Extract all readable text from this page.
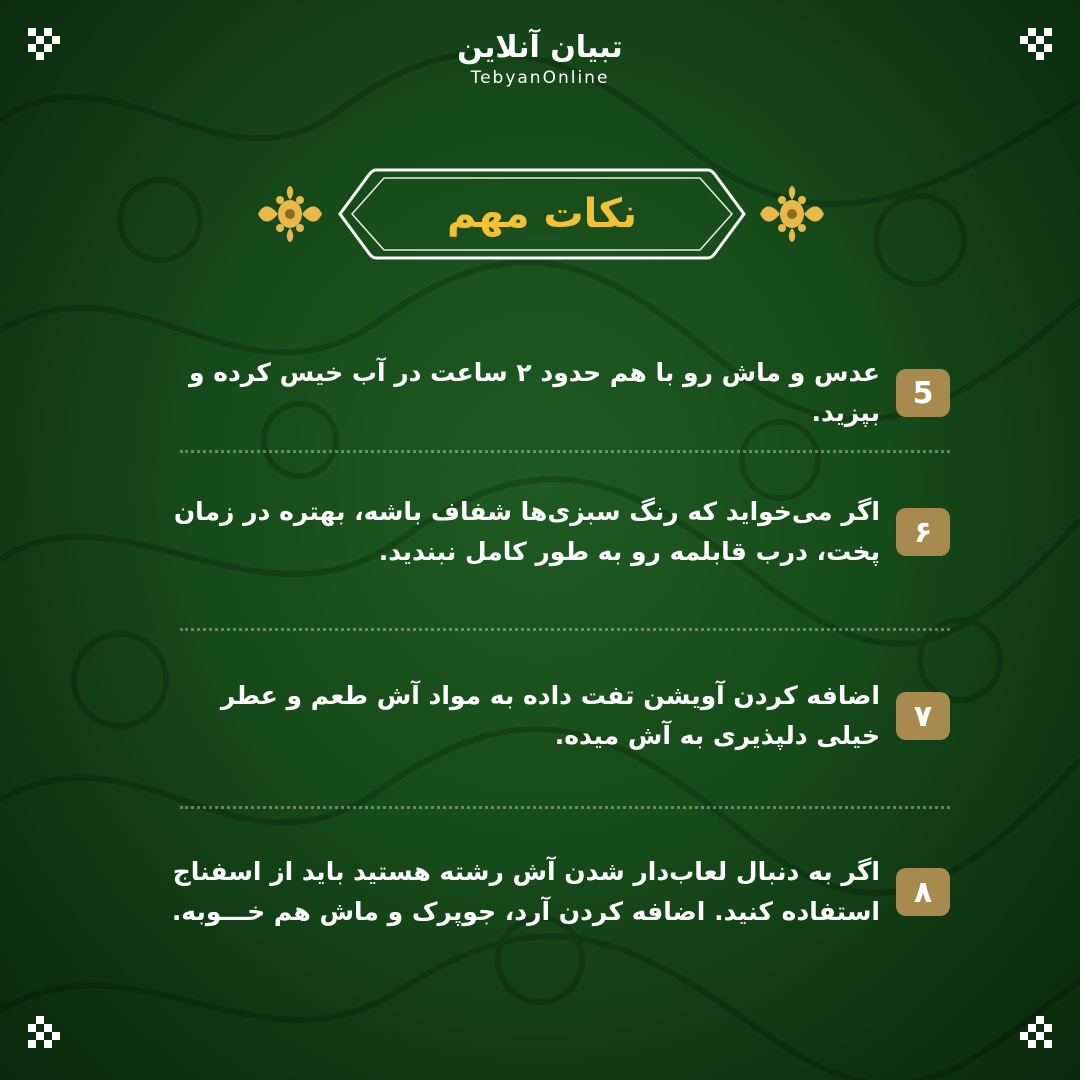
تبیان آنلاین
TebyanOnline
نکات مهم
5
عدس و ماش رو با هم حدود ۲ ساعت در آب خیس کرده و بپزید.
۶
اگر می‌خواید که رنگ سبزی‌ها شفاف باشه، بهتره در زمان پخت، درب قابلمه رو به طور کامل نبندید.
۷
اضافه کردن آویشن تفت داده به مواد آش طعم و عطر خیلی دلپذیری به آش میده.
۸
اگر به دنبال لعاب‌دار شدن آش رشته هستید باید از اسفناج استفاده کنید. اضافه کردن آرد، جوپرک و ماش هم خـــوبه.
